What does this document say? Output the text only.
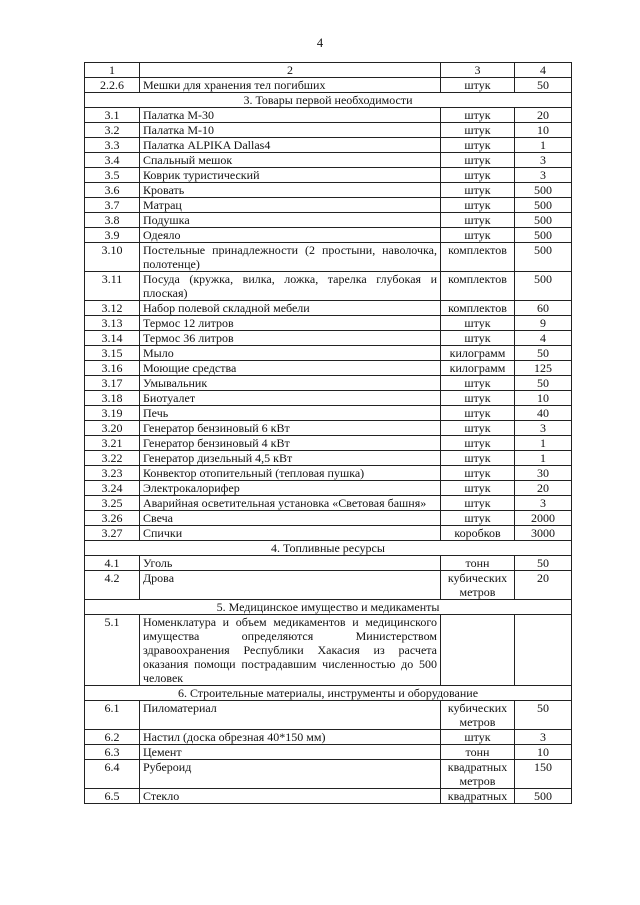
4
1	2	3	4
2.2.6	Мешки для хранения тел погибших	штук	50
3. Товары первой необходимости			
3.1	Палатка М-30	штук	20
3.2	Палатка М-10	штук	10
3.3	Палатка ALPIKA Dallas4	штук	1
3.4	Спальный мешок	штук	3
3.5	Коврик туристический	штук	3
3.6	Кровать	штук	500
3.7	Матрац	штук	500
3.8	Подушка	штук	500
3.9	Одеяло	штук	500
3.10	Постельные принадлежности (2 простыни, наволочка, полотенце)	комплектов	500
3.11	Посуда (кружка, вилка, ложка, тарелка глубокая и плоская)	комплектов	500
3.12	Набор полевой складной мебели	комплектов	60
3.13	Термос 12 литров	штук	9
3.14	Термос 36 литров	штук	4
3.15	Мыло	килограмм	50
3.16	Моющие средства	килограмм	125
3.17	Умывальник	штук	50
3.18	Биотуалет	штук	10
3.19	Печь	штук	40
3.20	Генератор бензиновый 6 кВт	штук	3
3.21	Генератор бензиновый 4 кВт	штук	1
3.22	Генератор дизельный 4,5 кВт	штук	1
3.23	Конвектор отопительный (тепловая пушка)	штук	30
3.24	Электрокалорифер	штук	20
3.25	Аварийная осветительная установка «Световая башня»	штук	3
3.26	Свеча	штук	2000
3.27	Спички	коробков	3000
4. Топливные ресурсы			
4.1	Уголь	тонн	50
4.2	Дрова	кубических метров	20
5. Медицинское имущество и медикаменты			
5.1	Номенклатура и объем медикаментов и медицинского имущества определяются Министерством здравоохранения Республики Хакасия из расчета оказания помощи пострадавшим численностью до 500 человек		
6. Строительные материалы, инструменты и оборудование			
6.1	Пиломатериал	кубических метров	50
6.2	Настил (доска обрезная 40*150 мм)	штук	3
6.3	Цемент	тонн	10
6.4	Рубероид	квадратных метров	150
6.5	Стекло	квадратных	500
